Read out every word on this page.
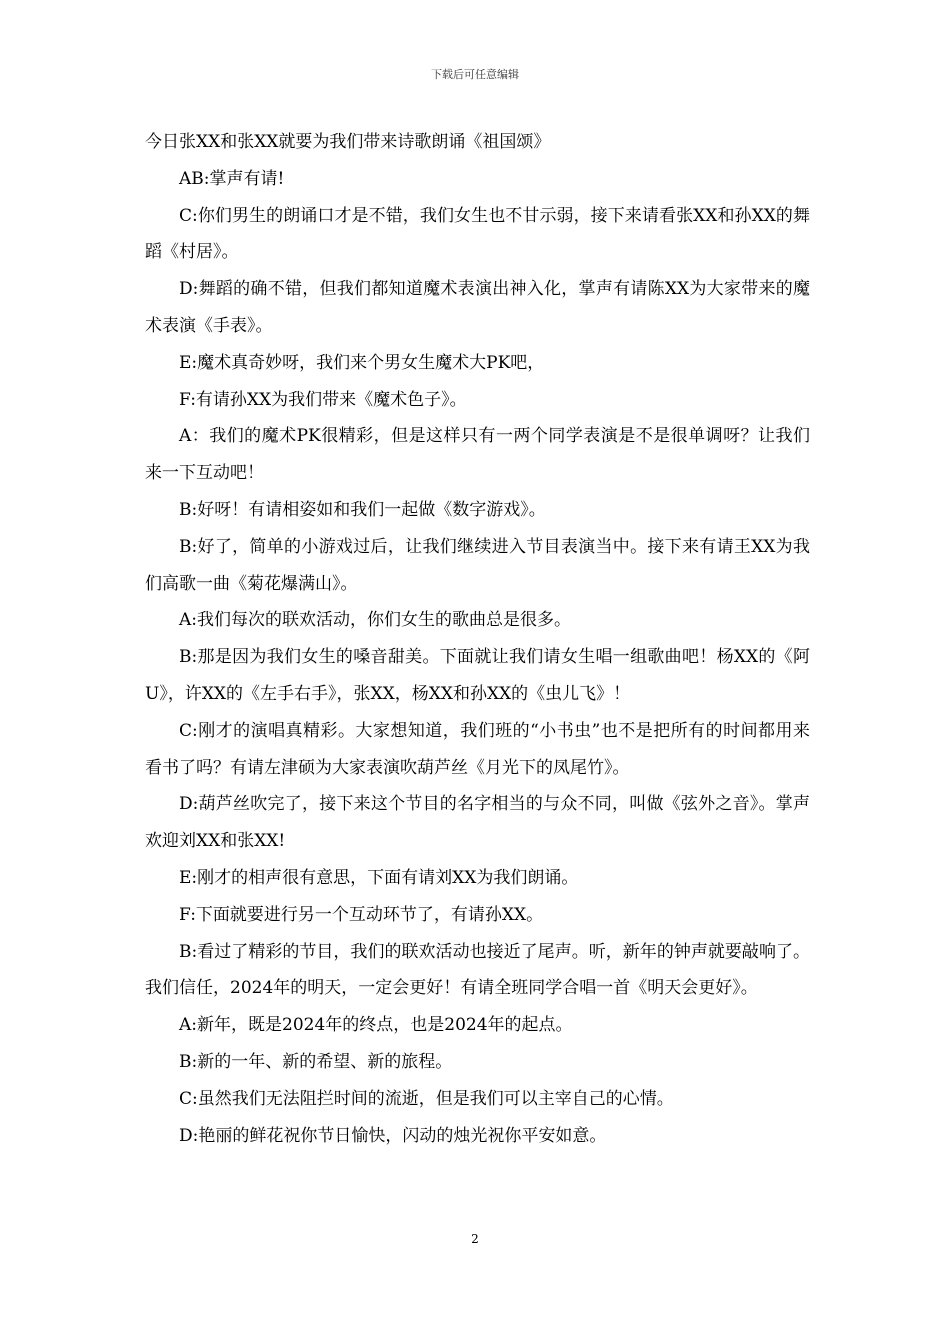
下载后可任意编辑

今日张XX和张XX就要为我们带来诗歌朗诵《祖国颂》

AB:掌声有请!

C:你们男生的朗诵口才是不错，我们女生也不甘示弱，接下来请看张XX和孙XX的舞蹈《村居》。

D:舞蹈的确不错，但我们都知道魔术表演出神入化，掌声有请陈XX为大家带来的魔术表演《手表》。

E:魔术真奇妙呀，我们来个男女生魔术大PK吧，

F:有请孙XX为我们带来《魔术色子》。

A：我们的魔术PK很精彩，但是这样只有一两个同学表演是不是很单调呀？让我们来一下互动吧！

B:好呀！有请相姿如和我们一起做《数字游戏》。

B:好了，简单的小游戏过后，让我们继续进入节目表演当中。接下来有请王XX为我们高歌一曲《菊花爆满山》。

A:我们每次的联欢活动，你们女生的歌曲总是很多。

B:那是因为我们女生的嗓音甜美。下面就让我们请女生唱一组歌曲吧！杨XX的《阿U》，许XX的《左手右手》，张XX，杨XX和孙XX的《虫儿飞》！

C:刚才的演唱真精彩。大家想知道，我们班的“小书虫”也不是把所有的时间都用来看书了吗？有请左津硕为大家表演吹葫芦丝《月光下的凤尾竹》。

D:葫芦丝吹完了，接下来这个节目的名字相当的与众不同，叫做《弦外之音》。掌声欢迎刘XX和张XX!

E:刚才的相声很有意思，下面有请刘XX为我们朗诵。

F:下面就要进行另一个互动环节了，有请孙XX。

B:看过了精彩的节目，我们的联欢活动也接近了尾声。听，新年的钟声就要敲响了。我们信任，2024年的明天，一定会更好！有请全班同学合唱一首《明天会更好》。

A:新年，既是2024年的终点，也是2024年的起点。

B:新的一年、新的希望、新的旅程。

C:虽然我们无法阻拦时间的流逝，但是我们可以主宰自己的心情。

D:艳丽的鲜花祝你节日愉快，闪动的烛光祝你平安如意。

2
